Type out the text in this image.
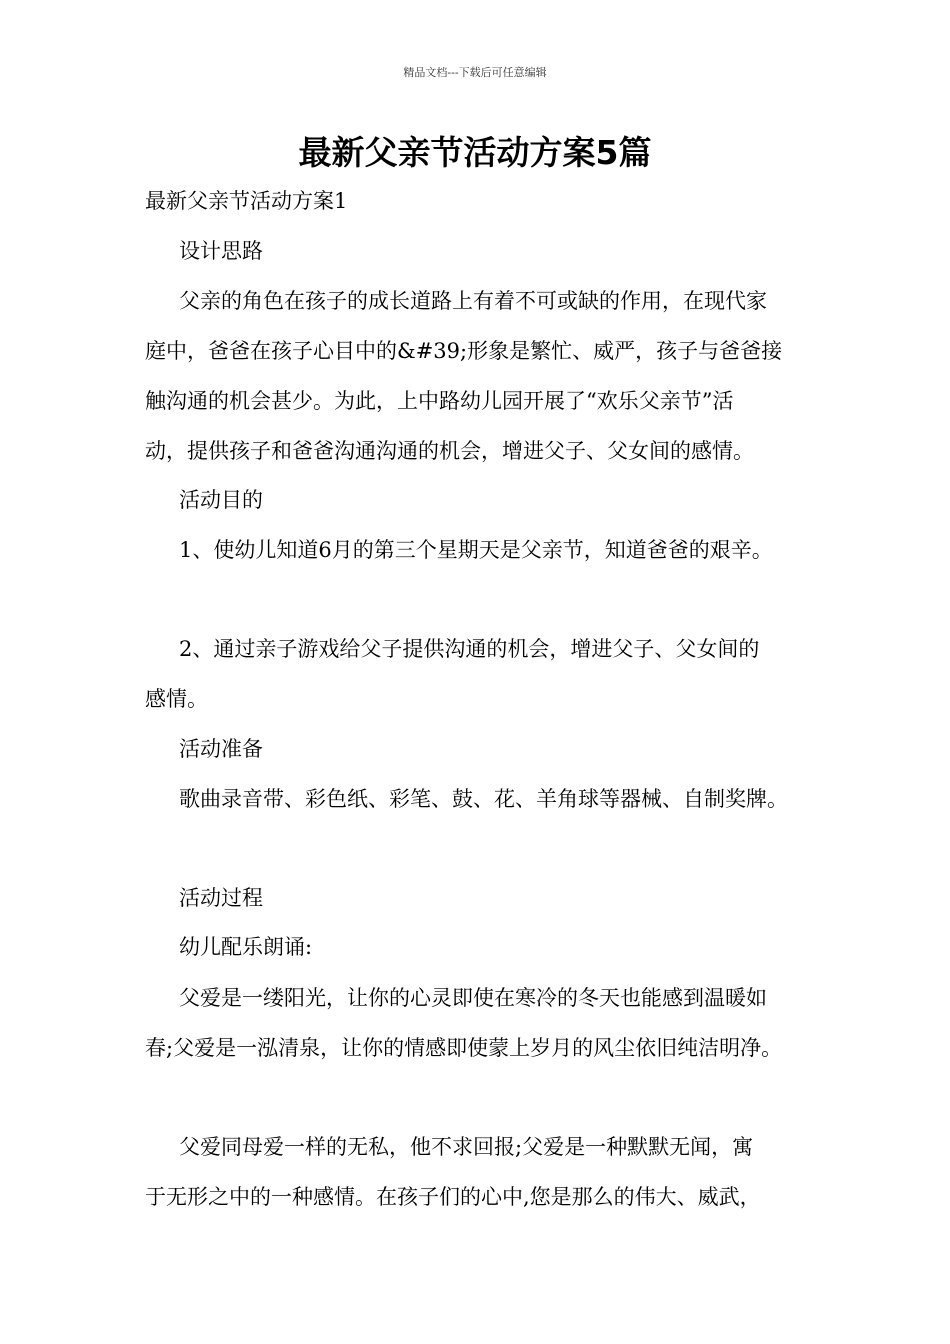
精品文档---下载后可任意编辑
最新父亲节活动方案5篇
最新父亲节活动方案1
设计思路
父亲的角色在孩子的成长道路上有着不可或缺的作用，在现代家
庭中，爸爸在孩子心目中的&#39;形象是繁忙、威严，孩子与爸爸接
触沟通的机会甚少。为此，上中路幼儿园开展了“欢乐父亲节”活
动，提供孩子和爸爸沟通沟通的机会，增进父子、父女间的感情。
活动目的
1、使幼儿知道6月的第三个星期天是父亲节，知道爸爸的艰辛。
2、通过亲子游戏给父子提供沟通的机会，增进父子、父女间的
感情。
活动准备
歌曲录音带、彩色纸、彩笔、鼓、花、羊角球等器械、自制奖牌。
活动过程
幼儿配乐朗诵:
父爱是一缕阳光，让你的心灵即使在寒冷的冬天也能感到温暖如
春;父爱是一泓清泉，让你的情感即使蒙上岁月的风尘依旧纯洁明净。
父爱同母爱一样的无私，他不求回报;父爱是一种默默无闻，寓
于无形之中的一种感情。在孩子们的心中,您是那么的伟大、威武，
